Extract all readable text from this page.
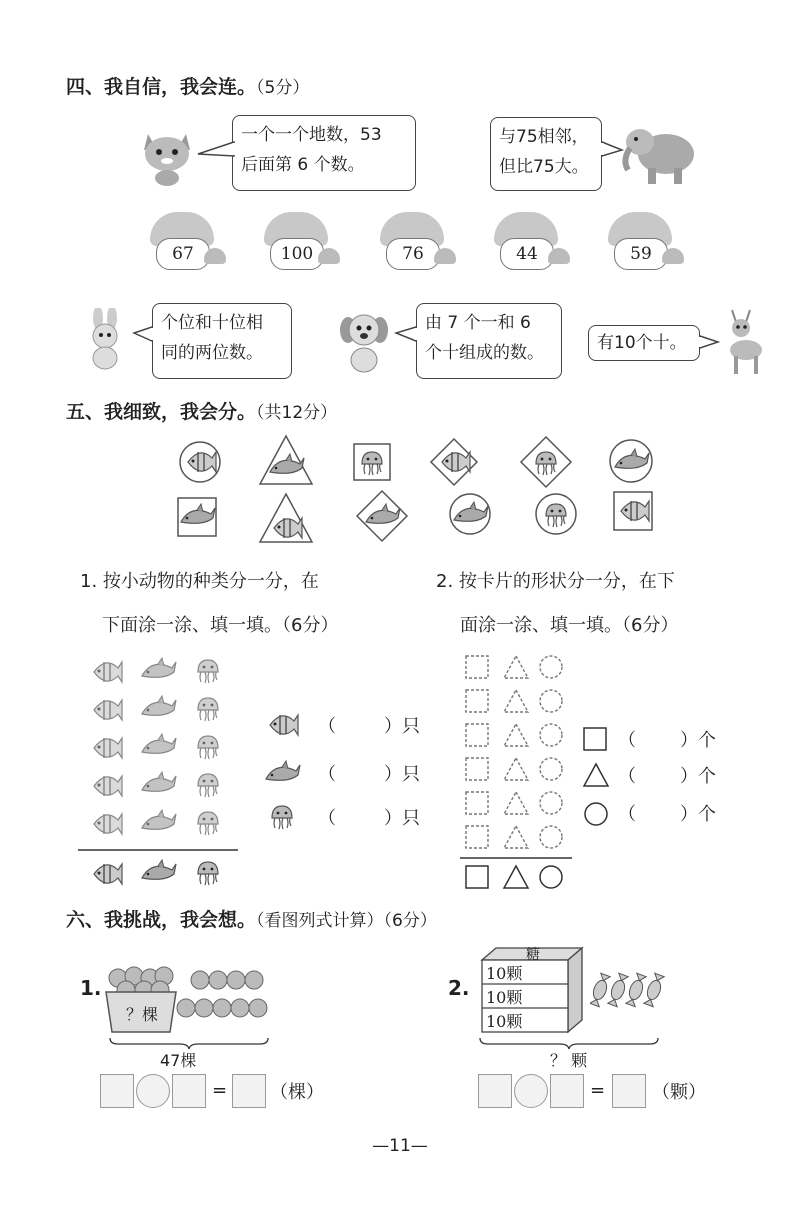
四、我自信，我会连。（5分）
一个一个地数，53
后面第 6 个数。
与75相邻，
但比75大。
67	100	76	44	59
个位和十位相
同的两位数。
由 7 个一和 6
个十组成的数。	有10个十。
五、我细致，我会分。（共12分）
1. 按小动物的种类分一分，在
下面涂一涂、填一填。（6分）
2. 按卡片的形状分一分，在下
面涂一涂、填一填。（6分）
（	）只
（	）只
（	）只
（ ）个
（ ）个
（ ）个
六、我挑战，我会想。（看图列式计算）（6分）
1.
？棵
47棵
= （棵）
2.
糖
10颗
10颗
10颗
？ 颗
=	（颗）
—11—
